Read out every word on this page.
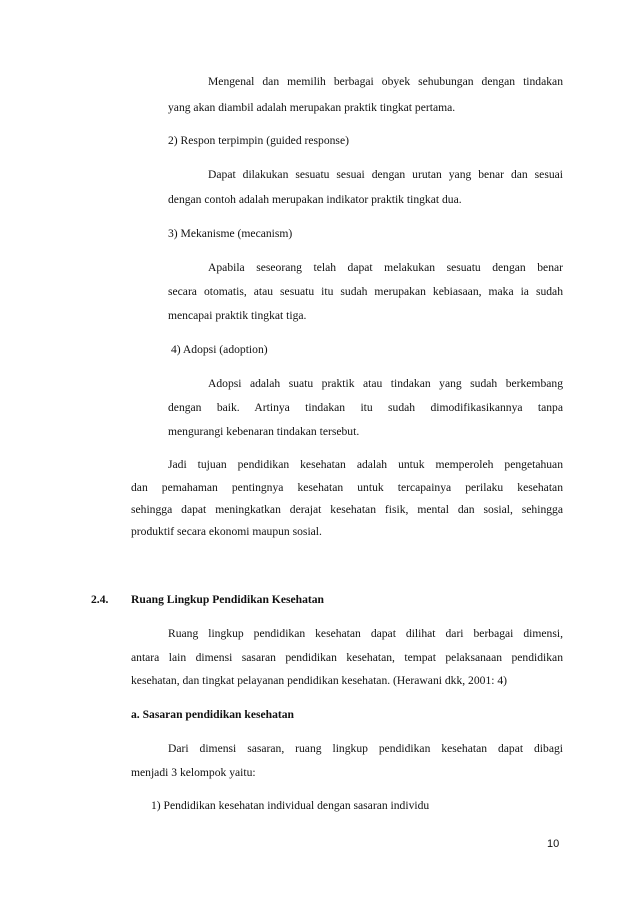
Mengenal dan memilih berbagai obyek sehubungan dengan tindakan
yang akan diambil adalah merupakan praktik tingkat pertama.
2) Respon terpimpin (guided response)
Dapat dilakukan sesuatu sesuai dengan urutan yang benar dan sesuai
dengan contoh adalah merupakan indikator praktik tingkat dua.
3) Mekanisme (mecanism)
Apabila seseorang telah dapat melakukan sesuatu dengan benar
secara otomatis, atau sesuatu itu sudah merupakan kebiasaan, maka ia sudah
mencapai praktik tingkat tiga.
4) Adopsi (adoption)
Adopsi adalah suatu praktik atau tindakan yang sudah berkembang
dengan baik. Artinya tindakan itu sudah dimodifikasikannya tanpa
mengurangi kebenaran tindakan tersebut.
Jadi tujuan pendidikan kesehatan adalah untuk memperoleh pengetahuan
dan pemahaman pentingnya kesehatan untuk tercapainya perilaku kesehatan
sehingga dapat meningkatkan derajat kesehatan fisik, mental dan sosial, sehingga
produktif secara ekonomi maupun sosial.
2.4. Ruang Lingkup Pendidikan Kesehatan
Ruang lingkup pendidikan kesehatan dapat dilihat dari berbagai dimensi,
antara lain dimensi sasaran pendidikan kesehatan, tempat pelaksanaan pendidikan
kesehatan, dan tingkat pelayanan pendidikan kesehatan. (Herawani dkk, 2001: 4)
a. Sasaran pendidikan kesehatan
Dari dimensi sasaran, ruang lingkup pendidikan kesehatan dapat dibagi
menjadi 3 kelompok yaitu:
1) Pendidikan kesehatan individual dengan sasaran individu
10
